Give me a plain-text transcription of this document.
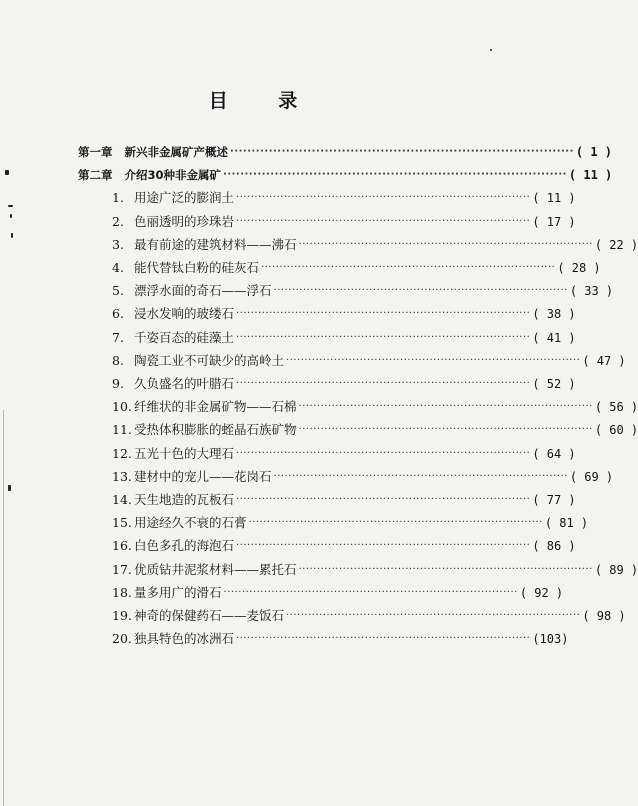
目 录
第一章 新兴非金属矿产概述 ················································································ ( 1 )
第二章 介绍30种非金属矿 ················································································ ( 11 )
1. 用途广泛的膨润土 ················································································ ( 11 )
2. 色丽透明的珍珠岩 ················································································ ( 17 )
3. 最有前途的建筑材料——沸石 ················································································ ( 22 )
4. 能代替钛白粉的硅灰石 ················································································ ( 28 )
5. 漂浮水面的奇石——浮石 ················································································ ( 33 )
6. 浸水发响的玻缕石 ················································································ ( 38 )
7. 千姿百态的硅藻土 ················································································ ( 41 )
8. 陶瓷工业不可缺少的高岭土 ················································································ ( 47 )
9. 久负盛名的叶腊石 ················································································ ( 52 )
10. 纤维状的非金属矿物——石棉 ················································································ ( 56 )
11. 受热体积膨胀的蛭晶石族矿物 ················································································ ( 60 )
12. 五光十色的大理石 ················································································ ( 64 )
13. 建材中的宠儿——花岗石 ················································································ ( 69 )
14. 天生地造的瓦板石 ················································································ ( 77 )
15. 用途经久不衰的石膏 ················································································ ( 81 )
16. 白色多孔的海泡石 ················································································ ( 86 )
17. 优质钻井泥浆材料——累托石 ················································································ ( 89 )
18. 量多用广的滑石 ················································································ ( 92 )
19. 神奇的保健药石——麦饭石 ················································································ ( 98 )
20. 独具特色的冰洲石 ················································································ (103)
